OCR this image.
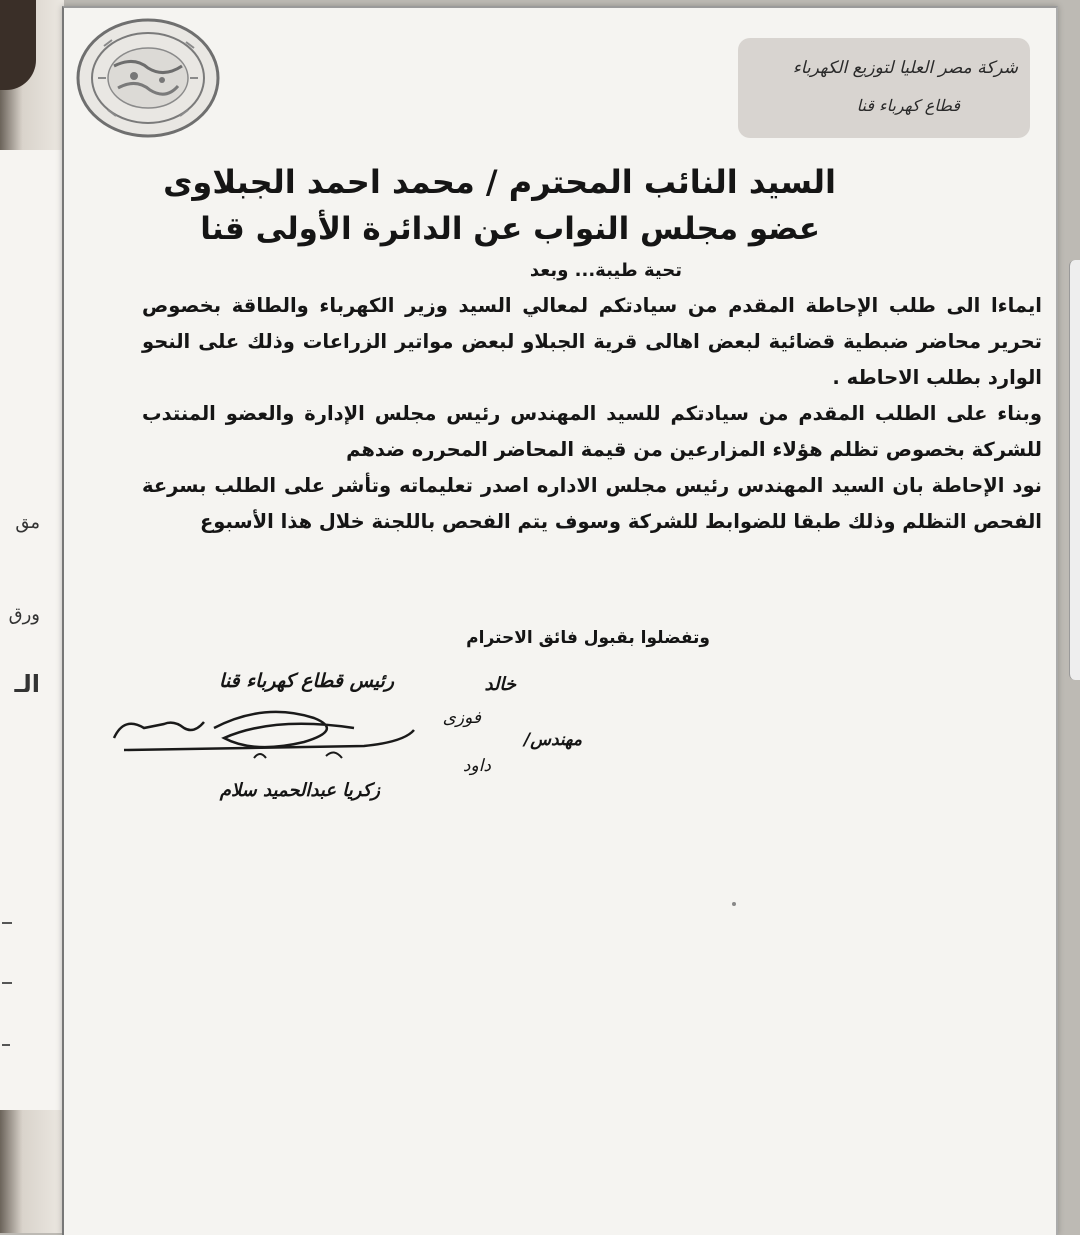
مق
ورق
الـ
شركة مصر العليا لتوزيع الكهرباء
قطاع كهرباء قنا
السيد النائب المحترم / محمد احمد الجبلاوى
عضو مجلس النواب عن الدائرة الأولى قنا
تحية طيبة... وبعد

ايماءا الى طلب الإحاطة المقدم من سيادتكم لمعالي السيد وزير الكهرباء والطاقة بخصوص تحرير محاضر ضبطية قضائية لبعض اهالى قرية الجبلاو لبعض مواتير الزراعات وذلك على النحو الوارد بطلب الاحاطه .

وبناء على الطلب المقدم من سيادتكم للسيد المهندس رئيس مجلس الإدارة والعضو المنتدب للشركة بخصوص تظلم هؤلاء المزارعين من قيمة المحاضر المحرره ضدهم

نود الإحاطة بان السيد المهندس رئيس مجلس الاداره اصدر تعليماته وتأشر على الطلب بسرعة الفحص التظلم وذلك طبقا للضوابط للشركة وسوف يتم الفحص باللجنة خلال هذا الأسبوع

وتفضلوا بقبول فائق الاحترام
خالد
فوزى
مهندس/
داود
رئيس قطاع كهرباء قنا
زكريا عبدالحميد سلام
